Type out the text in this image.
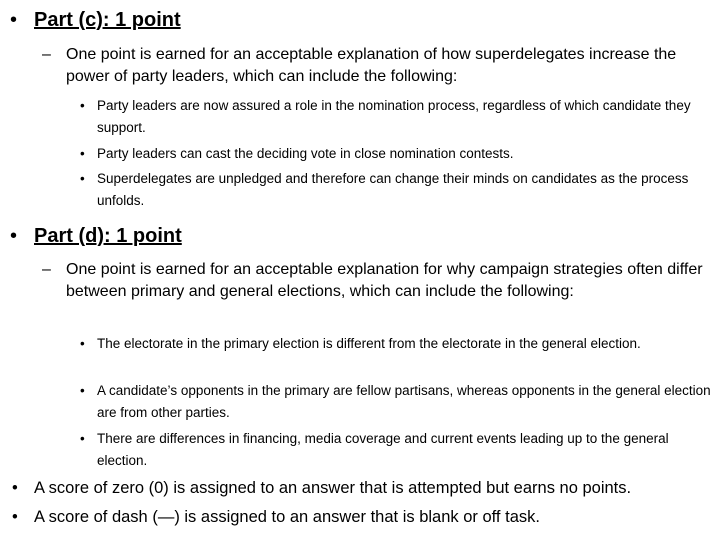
• Part (c): 1 point
– One point is earned for an acceptable explanation of how superdelegates increase the power of party leaders, which can include the following:
• Party leaders are now assured a role in the nomination process, regardless of which candidate they support.
• Party leaders can cast the deciding vote in close nomination contests.
• Superdelegates are unpledged and therefore can change their minds on candidates as the process unfolds.
• Part (d): 1 point
– One point is earned for an acceptable explanation for why campaign strategies often differ between primary and general elections, which can include the following:
• The electorate in the primary election is different from the electorate in the general election.
• A candidate’s opponents in the primary are fellow partisans, whereas opponents in the general election are from other parties.
• There are differences in financing, media coverage and current events leading up to the general election.
• A score of zero (0) is assigned to an answer that is attempted but earns no points.
• A score of dash (—) is assigned to an answer that is blank or off task.
